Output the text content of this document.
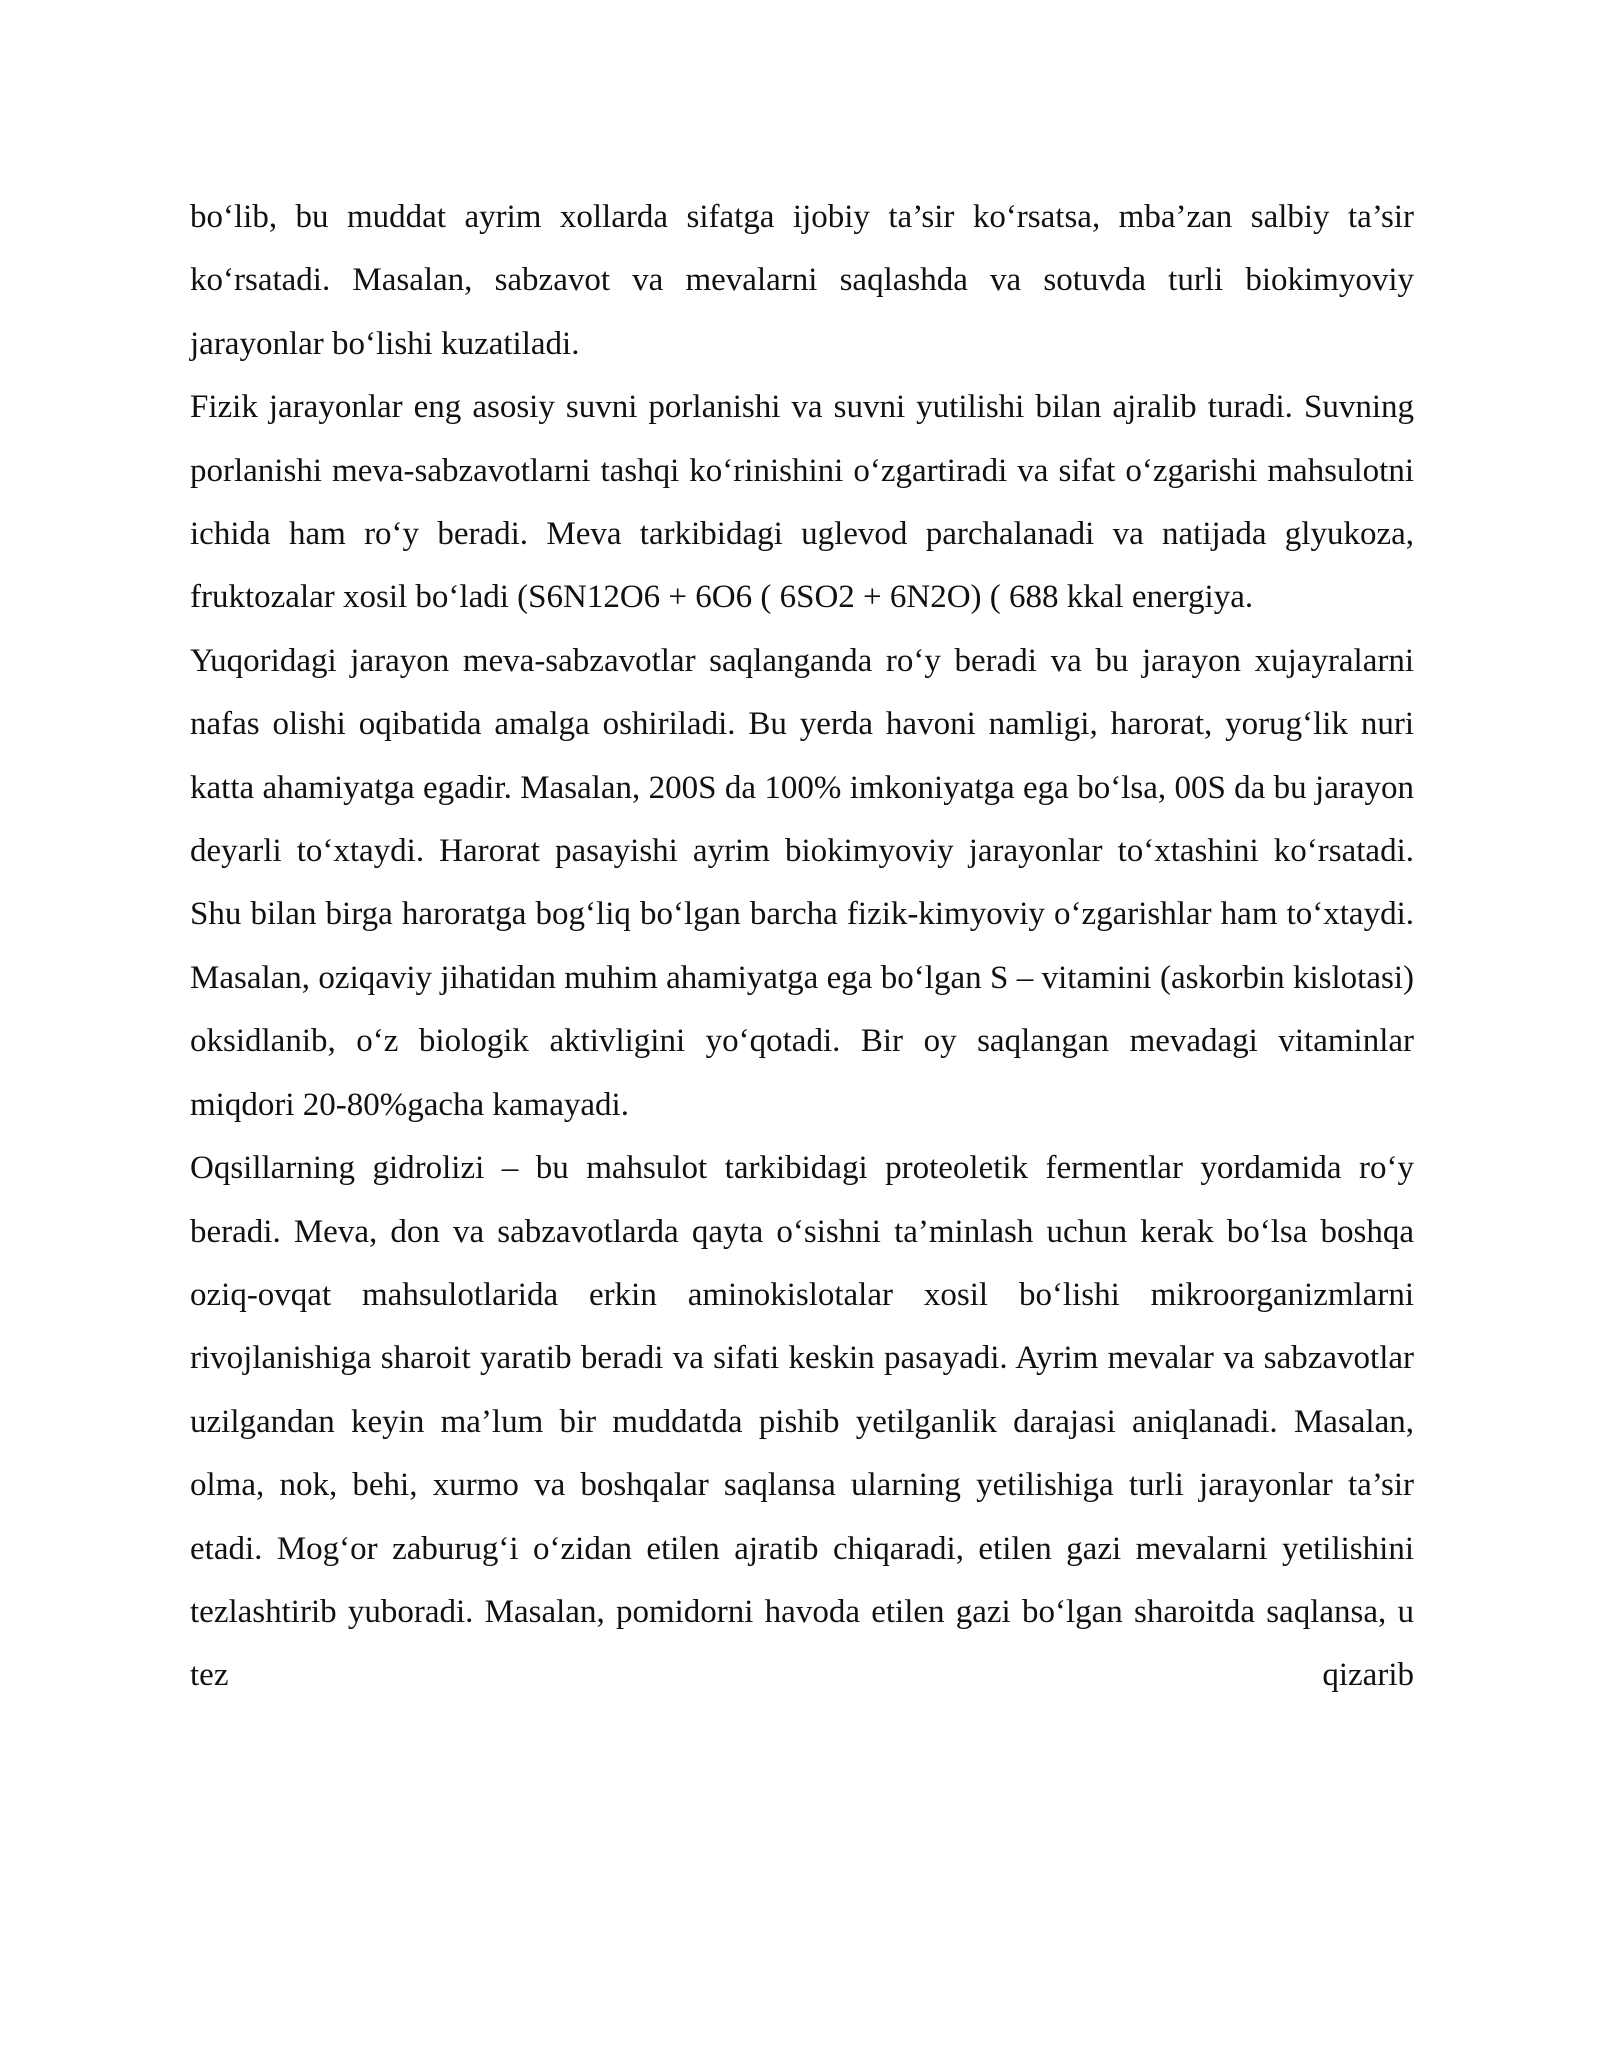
bo‘lib, bu muddat ayrim xollarda sifatga ijobiy ta’sir ko‘rsatsa, mba’zan salbiy ta’sir ko‘rsatadi. Masalan, sabzavot va mevalarni saqlashda va sotuvda turli biokimyoviy jarayonlar bo‘lishi kuzatiladi.

Fizik jarayonlar eng asosiy suvni porlanishi va suvni yutilishi bilan ajralib turadi. Suvning porlanishi meva-sabzavotlarni tashqi ko‘rinishini o‘zgartiradi va sifat o‘zgarishi mahsulotni ichida ham ro‘y beradi. Meva tarkibidagi uglevod parchalanadi va natijada glyukoza, fruktozalar xosil bo‘ladi (S6N12O6 + 6O6 ( 6SO2 + 6N2O) ( 688 kkal energiya.

Yuqoridagi jarayon meva-sabzavotlar saqlanganda ro‘y beradi va bu jarayon xujayralarni nafas olishi oqibatida amalga oshiriladi. Bu yerda havoni namligi, harorat, yorug‘lik nuri katta ahamiyatga egadir. Masalan, 200S da 100% imkoniyatga ega bo‘lsa, 00S da bu jarayon deyarli to‘xtaydi. Harorat pasayishi ayrim biokimyoviy jarayonlar to‘xtashini ko‘rsatadi. Shu bilan birga haroratga bog‘liq bo‘lgan barcha fizik-kimyoviy o‘zgarishlar ham to‘xtaydi. Masalan, oziqaviy jihatidan muhim ahamiyatga ega bo‘lgan S – vitamini (askorbin kislotasi) oksidlanib, o‘z biologik aktivligini yo‘qotadi. Bir oy saqlangan mevadagi vitaminlar miqdori 20-80%gacha kamayadi.

Oqsillarning gidrolizi – bu mahsulot tarkibidagi proteoletik fermentlar yordamida ro‘y beradi. Meva, don va sabzavotlarda qayta o‘sishni ta’minlash uchun kerak bo‘lsa boshqa oziq-ovqat mahsulotlarida erkin aminokislotalar xosil bo‘lishi mikroorganizmlarni rivojlanishiga sharoit yaratib beradi va sifati keskin pasayadi. Ayrim mevalar va sabzavotlar uzilgandan keyin ma’lum bir muddatda pishib yetilganlik darajasi aniqlanadi. Masalan, olma, nok, behi, xurmo va boshqalar saqlansa ularning yetilishiga turli jarayonlar ta’sir etadi. Mog‘or zaburug‘i o‘zidan etilen ajratib chiqaradi, etilen gazi mevalarni yetilishini tezlashtirib yuboradi. Masalan, pomidorni havoda etilen gazi bo‘lgan sharoitda saqlansa, u tez qizarib
